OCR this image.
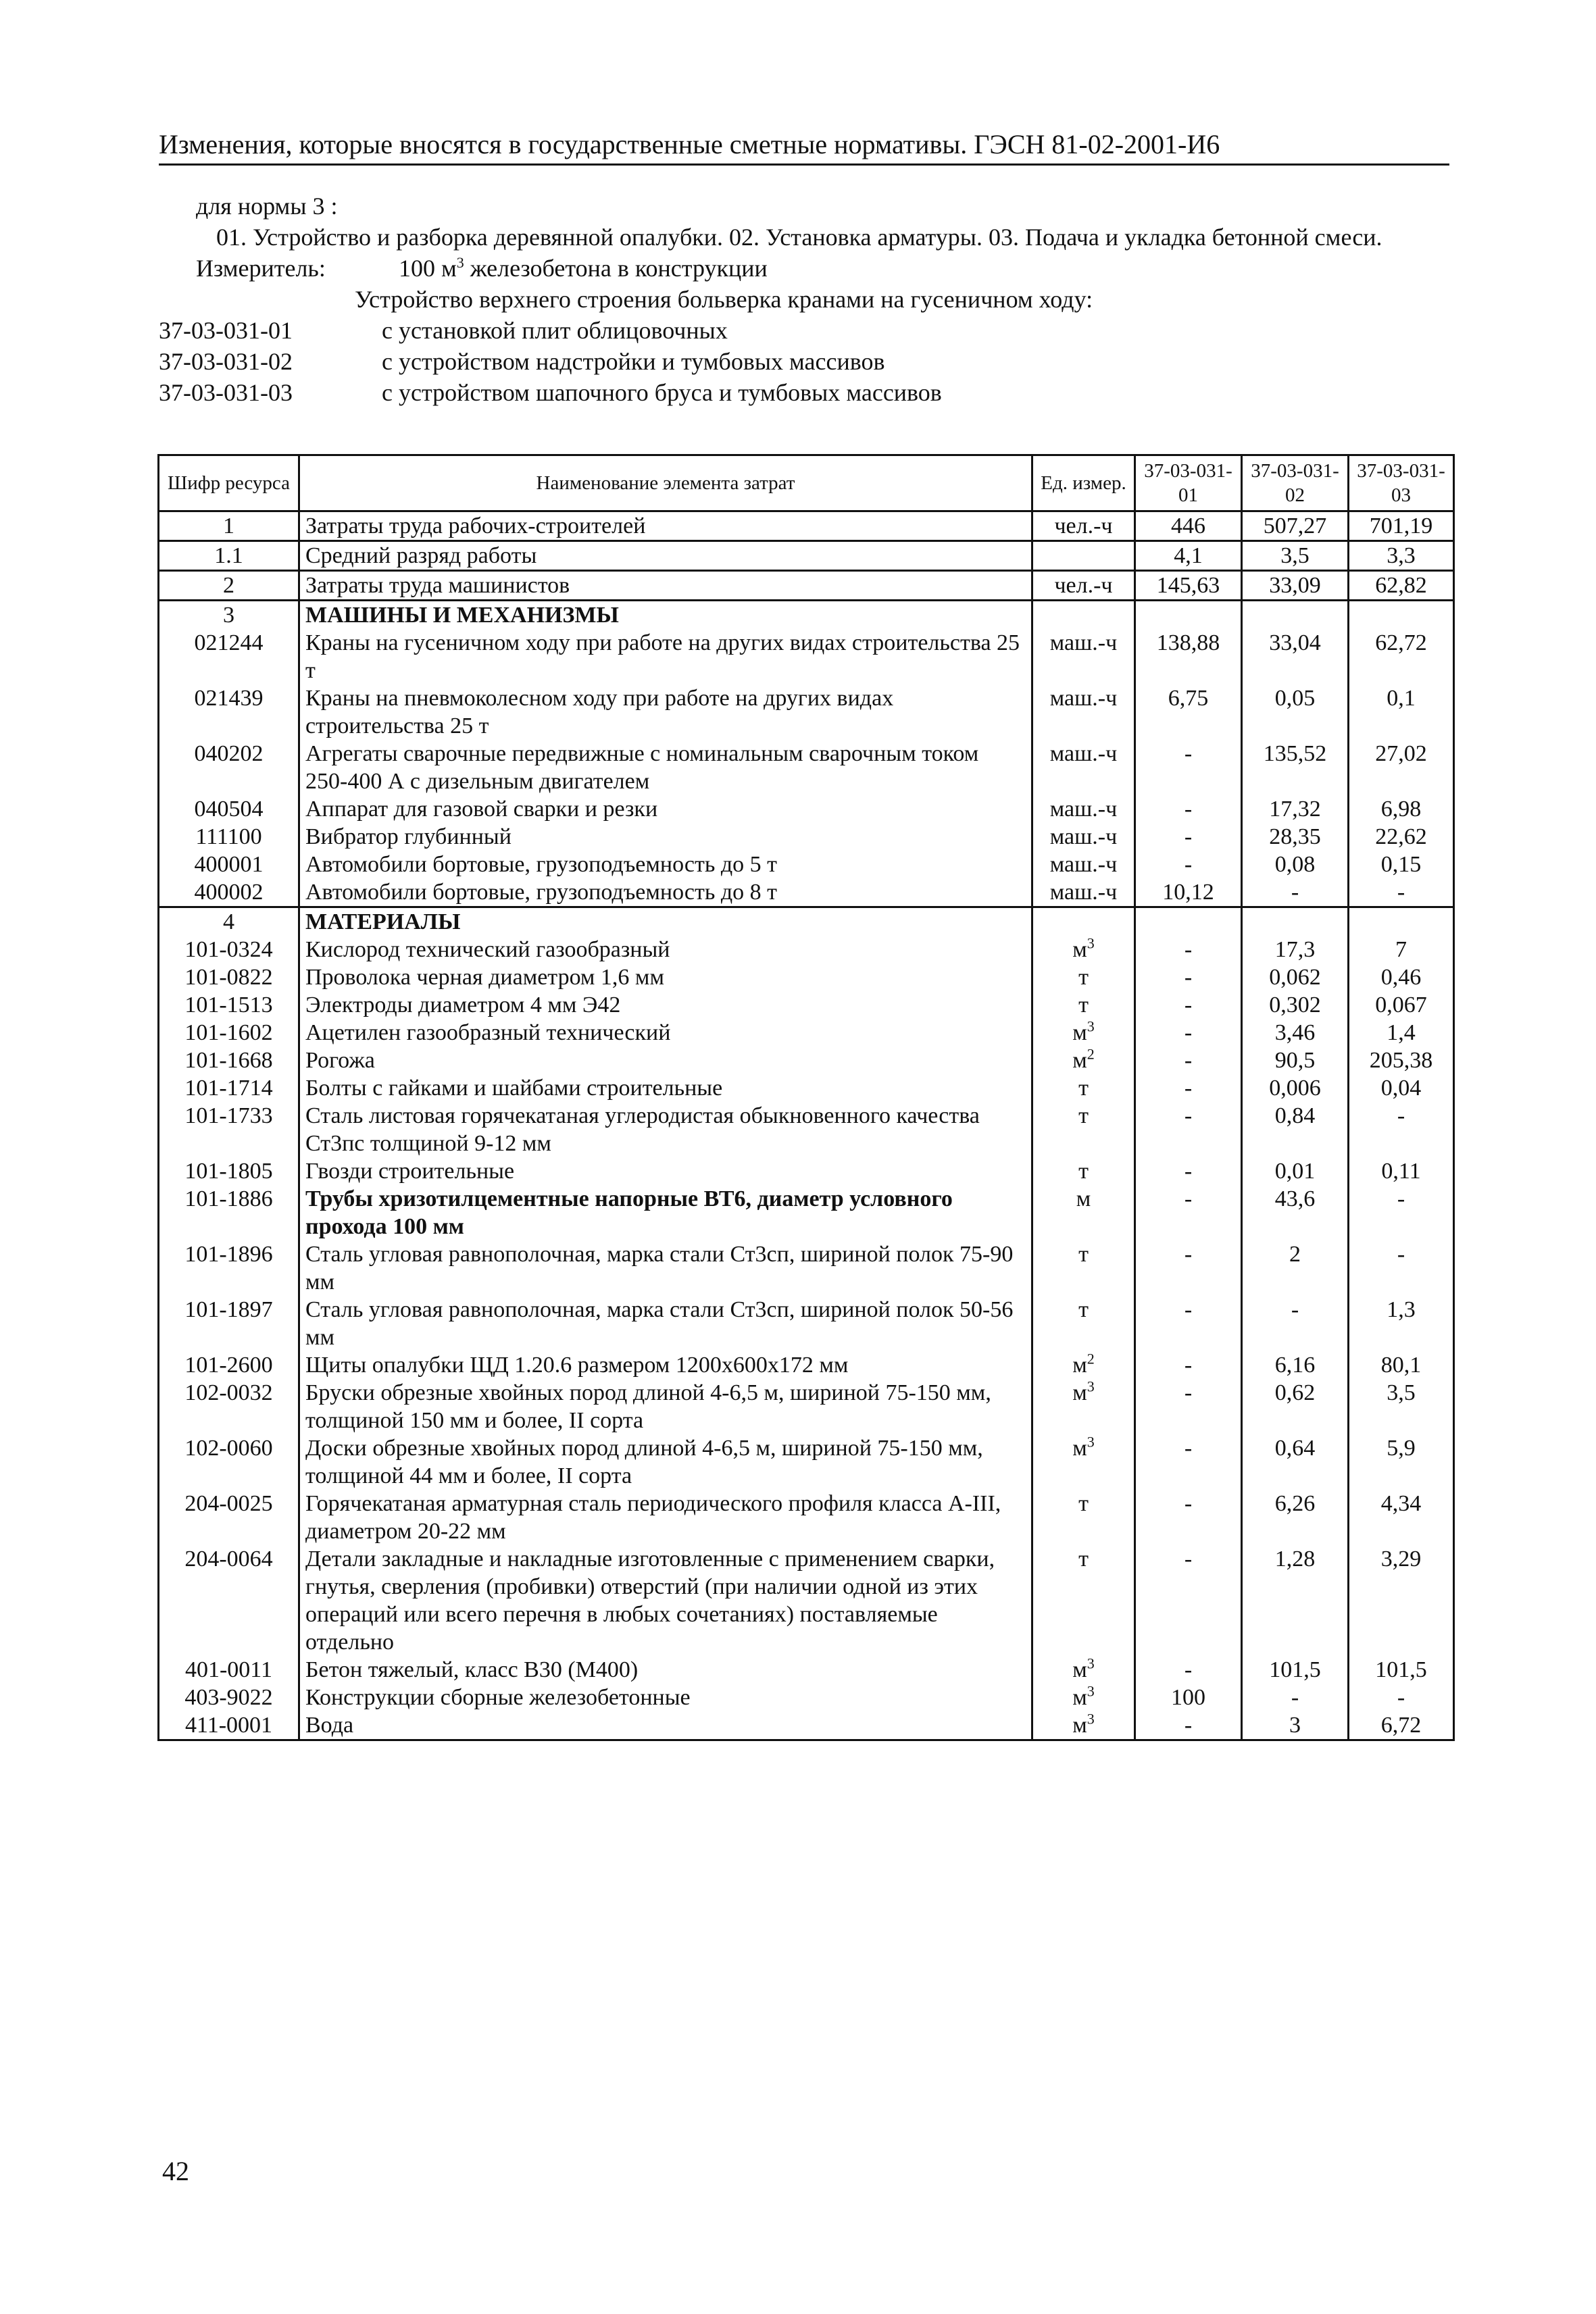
Изменения, которые вносятся в государственные сметные нормативы. ГЭСН 81-02-2001-И6

для нормы 3 :

01. Устройство и разборка деревянной опалубки. 02. Установка арматуры. 03. Подача и укладка бетонной смеси.

Измеритель:	100 $м^3$ железобетона в конструкции

Устройство верхнего строения больверка кранами на гусеничном ходу:

37-03-031-01	с установкой плит облицовочных
37-03-031-02	с устройством надстройки и тумбовых массивов
37-03-031-03	с устройством шапочного бруса и тумбовых массивов
Шифр ресурса	Наименование элемента затрат	Ед. измер.	37-03-031-01	37-03-031-02	37-03-031-03
1	Затраты труда рабочих-строителей	чел.-ч	446	507,27	701,19
1.1	Средний разряд работы		4,1	3,5	3,3
2	Затраты труда машинистов	чел.-ч	145,63	33,09	62,82
3	МАШИНЫ И МЕХАНИЗМЫ				
021244	Краны на гусеничном ходу при работе на других видах строительства 25 т	маш.-ч	138,88	33,04	62,72
021439	Краны на пневмоколесном ходу при работе на других видах строительства 25 т	маш.-ч	6,75	0,05	0,1
040202	Агрегаты сварочные передвижные с номинальным сварочным током 250-400 А с дизельным двигателем	маш.-ч	-	135,52	27,02
040504	Аппарат для газовой сварки и резки	маш.-ч	-	17,32	6,98
111100	Вибратор глубинный	маш.-ч	-	28,35	22,62
400001	Автомобили бортовые, грузоподъемность до 5 т	маш.-ч	-	0,08	0,15
400002	Автомобили бортовые, грузоподъемность до 8 т	маш.-ч	10,12	-	-
4	МАТЕРИАЛЫ				
101-0324	Кислород технический газообразный	$м^3$	-	17,3	7
101-0822	Проволока черная диаметром 1,6 мм	т	-	0,062	0,46
101-1513	Электроды диаметром 4 мм Э42	т	-	0,302	0,067
101-1602	Ацетилен газообразный технический	$м^3$	-	3,46	1,4
101-1668	Рогожа	$м^2$	-	90,5	205,38
101-1714	Болты с гайками и шайбами строительные	т	-	0,006	0,04
101-1733	Сталь листовая горячекатаная углеродистая обыкновенного качества Ст3пс толщиной 9-12 мм	т	-	0,84	-
101-1805	Гвозди строительные	т	-	0,01	0,11
101-1886	Трубы хризотилцементные напорные ВТ6, диаметр условного прохода 100 мм	м	-	43,6	-
101-1896	Сталь угловая равнополочная, марка стали Ст3сп, шириной полок 75-90 мм	т	-	2	-
101-1897	Сталь угловая равнополочная, марка стали Ст3сп, шириной полок 50-56 мм	т	-	-	1,3
101-2600	Щиты опалубки ЩД 1.20.6 размером 1200х600х172 мм	$м^2$	-	6,16	80,1
102-0032	Бруски обрезные хвойных пород длиной 4-6,5 м, шириной 75-150 мм, толщиной 150 мм и более, II сорта	$м^3$	-	0,62	3,5
102-0060	Доски обрезные хвойных пород длиной 4-6,5 м, шириной 75-150 мм, толщиной 44 мм и более, II сорта	$м^3$	-	0,64	5,9
204-0025	Горячекатаная арматурная сталь периодического профиля класса А-III, диаметром 20-22 мм	т	-	6,26	4,34
204-0064	Детали закладные и накладные изготовленные с применением сварки, гнутья, сверления (пробивки) отверстий (при наличии одной из этих операций или всего перечня в любых сочетаниях) поставляемые отдельно	т	-	1,28	3,29
401-0011	Бетон тяжелый, класс В30 (М400)	$м^3$	-	101,5	101,5
403-9022	Конструкции сборные железобетонные	$м^3$	100	-	-
411-0001	Вода	$м^3$	-	3	6,72
42
